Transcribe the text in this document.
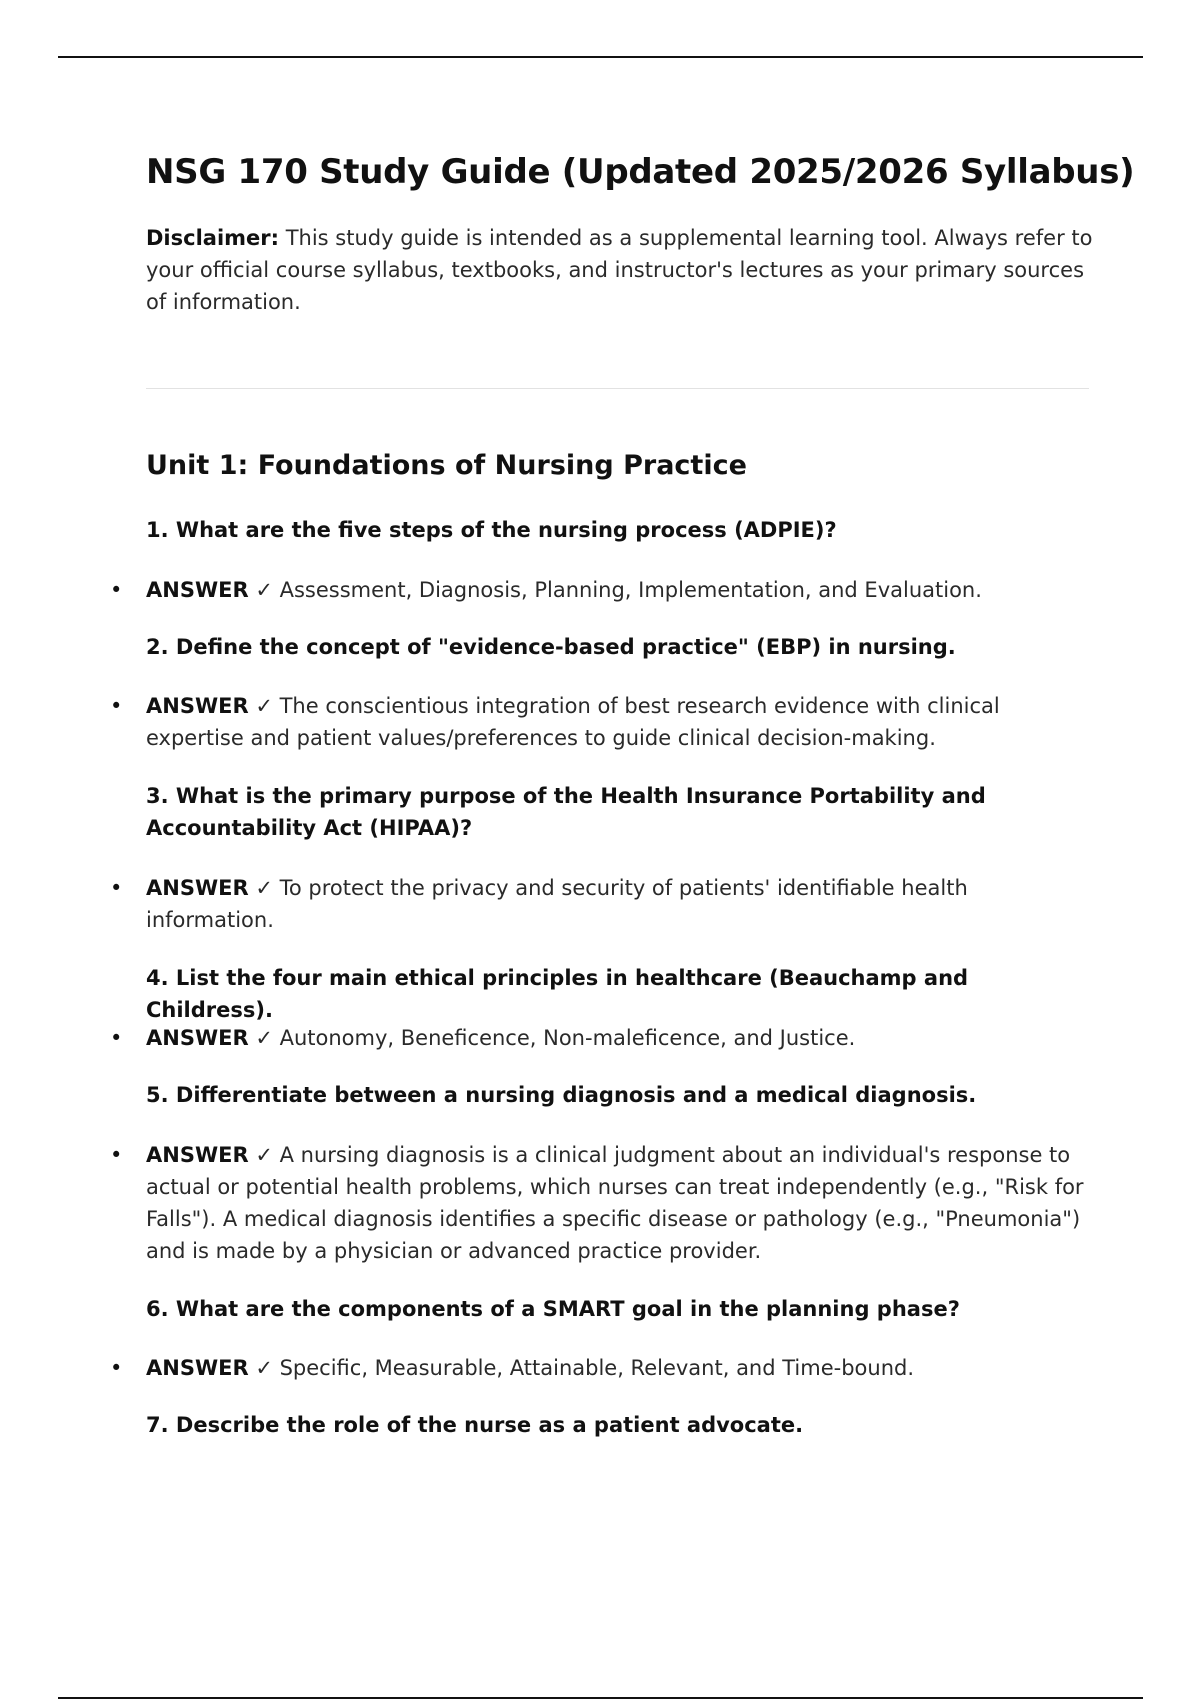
NSG 170 Study Guide (Updated 2025/2026 Syllabus)

Disclaimer: This study guide is intended as a supplemental learning tool. Always refer to your official course syllabus, textbooks, and instructor's lectures as your primary sources of information.

Unit 1: Foundations of Nursing Practice

1. What are the five steps of the nursing process (ADPIE)?

• ANSWER ✓ Assessment, Diagnosis, Planning, Implementation, and Evaluation.

2. Define the concept of "evidence-based practice" (EBP) in nursing.

• ANSWER ✓ The conscientious integration of best research evidence with clinical expertise and patient values/preferences to guide clinical decision-making.

3. What is the primary purpose of the Health Insurance Portability and Accountability Act (HIPAA)?

• ANSWER ✓ To protect the privacy and security of patients' identifiable health information.

4. List the four main ethical principles in healthcare (Beauchamp and Childress).

• ANSWER ✓ Autonomy, Beneficence, Non-maleficence, and Justice.

5. Differentiate between a nursing diagnosis and a medical diagnosis.

• ANSWER ✓ A nursing diagnosis is a clinical judgment about an individual's response to actual or potential health problems, which nurses can treat independently (e.g., "Risk for Falls"). A medical diagnosis identifies a specific disease or pathology (e.g., "Pneumonia") and is made by a physician or advanced practice provider.

6. What are the components of a SMART goal in the planning phase?

• ANSWER ✓ Specific, Measurable, Attainable, Relevant, and Time-bound.

7. Describe the role of the nurse as a patient advocate.
